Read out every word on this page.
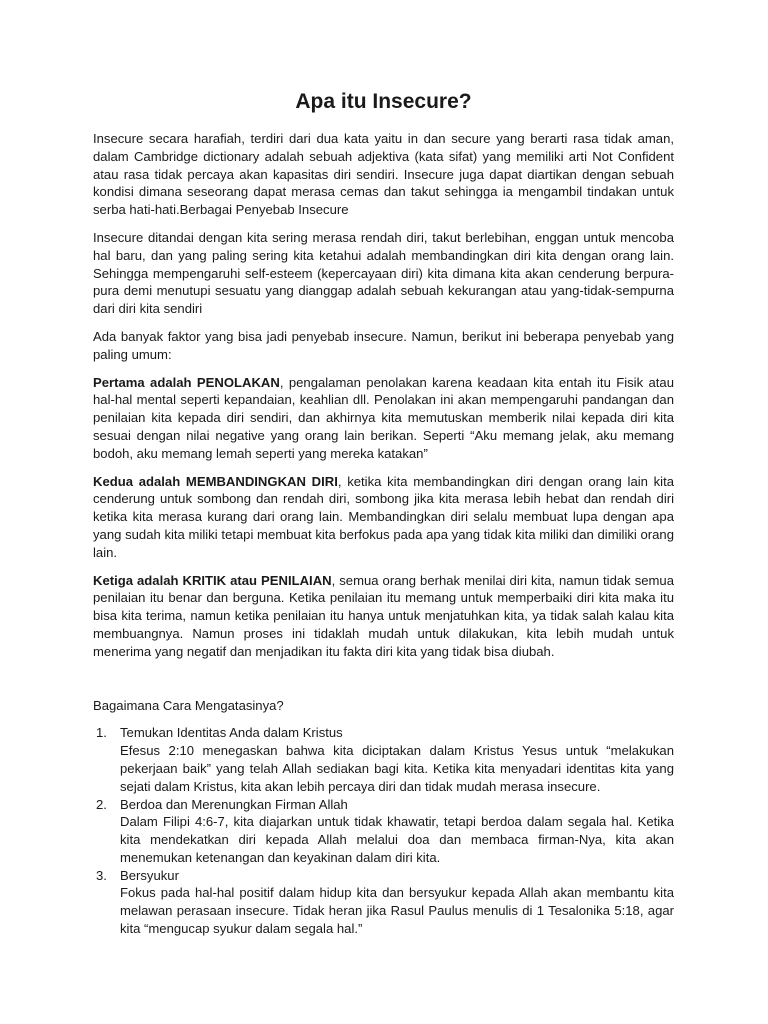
Apa itu Insecure?

Insecure secara harafiah, terdiri dari dua kata yaitu in dan secure yang berarti rasa tidak aman, dalam Cambridge dictionary adalah sebuah adjektiva (kata sifat) yang memiliki arti Not Confident atau rasa tidak percaya akan kapasitas diri sendiri. Insecure juga dapat diartikan dengan sebuah kondisi dimana seseorang dapat merasa cemas dan takut sehingga ia mengambil tindakan untuk serba hati-hati.Berbagai Penyebab Insecure

Insecure ditandai dengan kita sering merasa rendah diri, takut berlebihan, enggan untuk mencoba hal baru, dan yang paling sering kita ketahui adalah membandingkan diri kita dengan orang lain. Sehingga mempengaruhi self-esteem (kepercayaan diri) kita dimana kita akan cenderung berpura-pura demi menutupi sesuatu yang dianggap adalah sebuah kekurangan atau yang-tidak-sempurna dari diri kita sendiri

Ada banyak faktor yang bisa jadi penyebab insecure. Namun, berikut ini beberapa penyebab yang paling umum:

Pertama adalah PENOLAKAN, pengalaman penolakan karena keadaan kita entah itu Fisik atau hal-hal mental seperti kepandaian, keahlian dll. Penolakan ini akan mempengaruhi pandangan dan penilaian kita kepada diri sendiri, dan akhirnya kita memutuskan memberik nilai kepada diri kita sesuai dengan nilai negative yang orang lain berikan. Seperti “Aku memang jelak, aku memang bodoh, aku memang lemah seperti yang mereka katakan”

Kedua adalah MEMBANDINGKAN DIRI, ketika kita membandingkan diri dengan orang lain kita cenderung untuk sombong dan rendah diri, sombong jika kita merasa lebih hebat dan rendah diri ketika kita merasa kurang dari orang lain. Membandingkan diri selalu membuat lupa dengan apa yang sudah kita miliki tetapi membuat kita berfokus pada apa yang tidak kita miliki dan dimiliki orang lain.

Ketiga adalah KRITIK atau PENILAIAN, semua orang berhak menilai diri kita, namun tidak semua penilaian itu benar dan berguna. Ketika penilaian itu memang untuk memperbaiki diri kita maka itu bisa kita terima, namun ketika penilaian itu hanya untuk menjatuhkan kita, ya tidak salah kalau kita membuangnya. Namun proses ini tidaklah mudah untuk dilakukan, kita lebih mudah untuk menerima yang negatif dan menjadikan itu fakta diri kita yang tidak bisa diubah.

Bagaimana Cara Mengatasinya?
1. Temukan Identitas Anda dalam Kristus
Efesus 2:10 menegaskan bahwa kita diciptakan dalam Kristus Yesus untuk “melakukan pekerjaan baik” yang telah Allah sediakan bagi kita. Ketika kita menyadari identitas kita yang sejati dalam Kristus, kita akan lebih percaya diri dan tidak mudah merasa insecure.
2. Berdoa dan Merenungkan Firman Allah
Dalam Filipi 4:6-7, kita diajarkan untuk tidak khawatir, tetapi berdoa dalam segala hal. Ketika kita mendekatkan diri kepada Allah melalui doa dan membaca firman-Nya, kita akan menemukan ketenangan dan keyakinan dalam diri kita.
3. Bersyukur
Fokus pada hal-hal positif dalam hidup kita dan bersyukur kepada Allah akan membantu kita melawan perasaan insecure. Tidak heran jika Rasul Paulus menulis di 1 Tesalonika 5:18, agar kita “mengucap syukur dalam segala hal.”
